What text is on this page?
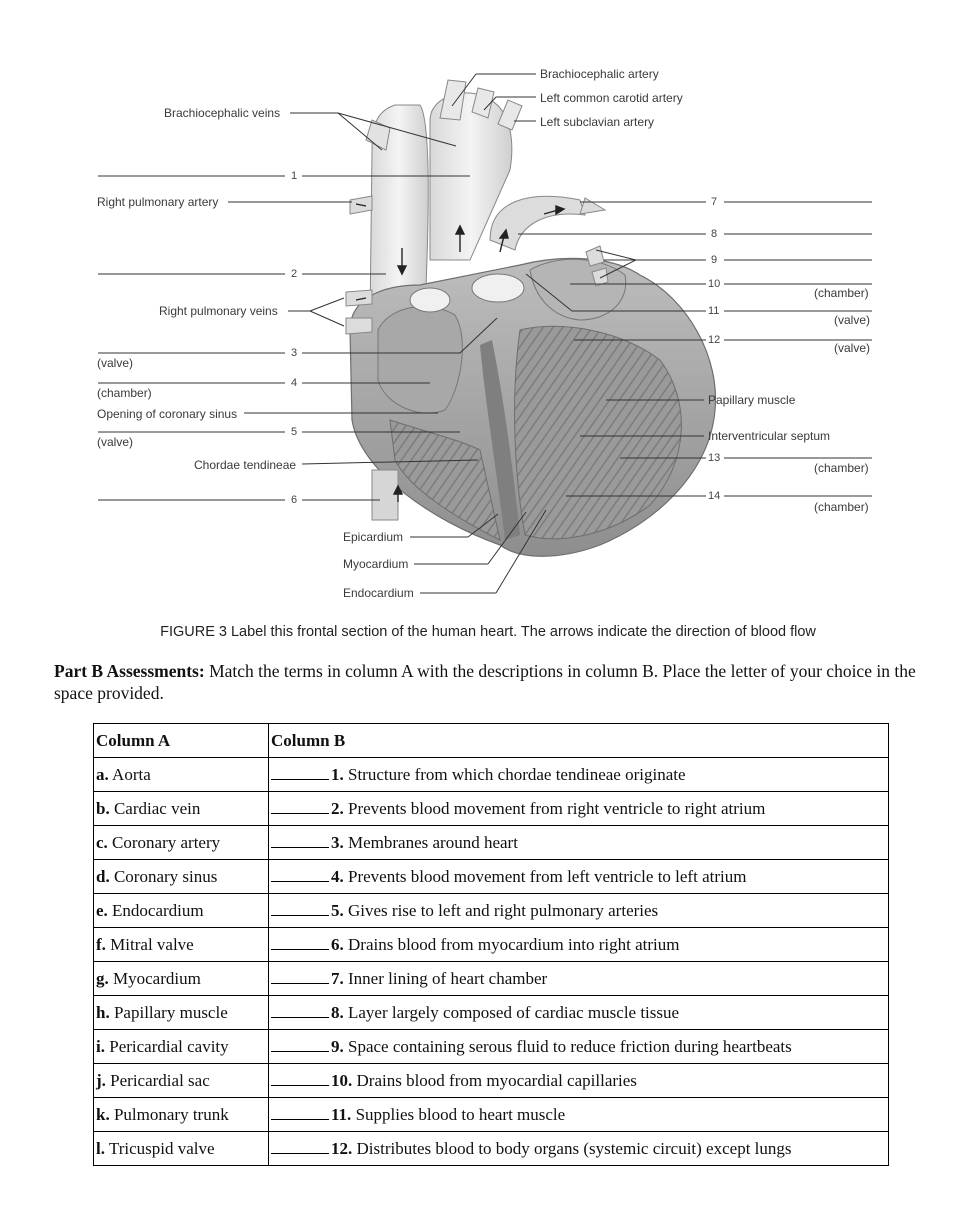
Brachiocephalic veins
Right pulmonary artery
Right pulmonary veins
(valve)
(chamber)
Opening of coronary sinus
(valve)
Chordae tendineae
Brachiocephalic artery
Left common carotid artery
Left subclavian artery
(chamber)
(valve)
(valve)
Papillary muscle
Interventricular septum
(chamber)
(chamber)
Epicardium
Myocardium
Endocardium
1
2
3
4
5
6
7
8
9
10
11
12
13
14
FIGURE 3 Label this frontal section of the human heart. The arrows indicate the direction of blood flow
Part B Assessments: Match the terms in column A with the descriptions in column B. Place the letter of your choice in the space provided.
Column A	Column B
a. Aorta	1. Structure from which chordae tendineae originate
b. Cardiac vein	2. Prevents blood movement from right ventricle to right atrium
c. Coronary artery	3. Membranes around heart
d. Coronary sinus	4. Prevents blood movement from left ventricle to left atrium
e. Endocardium	5. Gives rise to left and right pulmonary arteries
f. Mitral valve	6. Drains blood from myocardium into right atrium
g. Myocardium	7. Inner lining of heart chamber
h. Papillary muscle	8. Layer largely composed of cardiac muscle tissue
i. Pericardial cavity	9. Space containing serous fluid to reduce friction during heartbeats
j. Pericardial sac	10. Drains blood from myocardial capillaries
k. Pulmonary trunk	11. Supplies blood to heart muscle
l. Tricuspid valve	12. Distributes blood to body organs (systemic circuit) except lungs
